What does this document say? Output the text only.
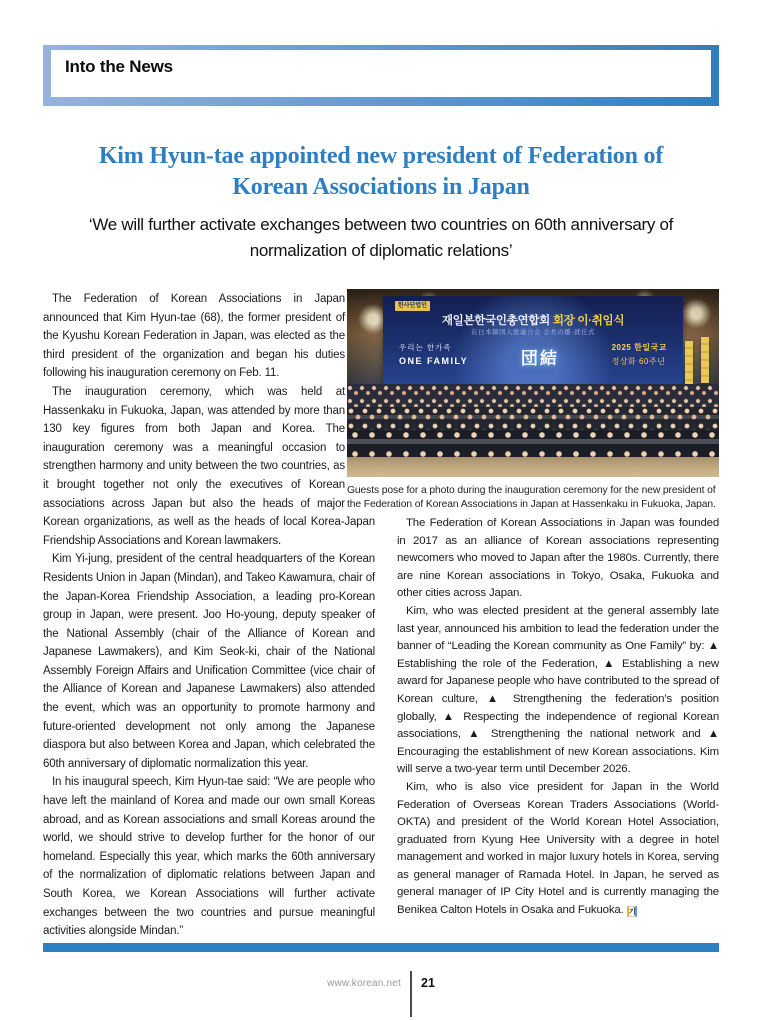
Into the News
Kim Hyun-tae appointed new president of Federation of
Korean Associations in Japan
‘We will further activate exchanges between two countries on 60th anniversary of normalization of diplomatic relations’

The Federation of Korean Associations in Japan announced that Kim Hyun-tae (68), the former president of the Kyushu Korean Federation in Japan, was elected as the third president of the organization and began his duties following his inauguration ceremony on Feb. 11.

The inauguration ceremony, which was held at Hassenkaku in Fukuoka, Japan, was attended by more than 130 key figures from both Japan and Korea. The inauguration ceremony was a meaningful occasion to strengthen harmony and unity between the two countries, as it brought together not only the executives of Korean associations across Japan but also the heads of major Korean organizations, as well as the heads of local Korea-Japan Friendship Associations and Korean lawmakers.

Kim Yi-jung, president of the central headquarters of the Korean Residents Union in Japan (Mindan), and Takeo Kawamura, chair of the Japan-Korea Friendship Association, a leading pro-Korean group in Japan, were present. Joo Ho-young, deputy speaker of the National Assembly (chair of the Alliance of Korean and Japanese Lawmakers), and Kim Seok-ki, chair of the National Assembly Foreign Affairs and Unification Committee (vice chair of the Alliance of Korean and Japanese Lawmakers) also attended the event, which was an opportunity to promote harmony and future-oriented development not only among the Japanese diaspora but also between Korea and Japan, which celebrated the 60th anniversary of diplomatic normalization this year.

In his inaugural speech, Kim Hyun-tae said: “We are people who have left the mainland of Korea and made our own small Koreas abroad, and as Korean associations and small Koreas around the world, we should strive to develop further for the honor of our homeland. Especially this year, which marks the 60th anniversary of the normalization of diplomatic relations between Japan and South Korea, we Korean Associations will further activate exchanges between the two countries and pursue meaningful activities alongside Mindan.”

한사단법인
재일본한국인총연합회 회장 이·취임식
在日本韓国人総連合会 会長の離·就任式
우리는 한가족
ONE FAMILY	団結
2025 한일국교
정상화 60주년
Guests pose for a photo during the inauguration ceremony for the new president of the Federation of Korean Associations in Japan at Hassenkaku in Fukuoka, Japan.

The Federation of Korean Associations in Japan was founded in 2017 as an alliance of Korean associations representing newcomers who moved to Japan after the 1980s. Currently, there are nine Korean associations in Tokyo, Osaka, Fukuoka and other cities across Japan.

Kim, who was elected president at the general assembly late last year, announced his ambition to lead the federation under the banner of “Leading the Korean community as One Family” by: ▲ Establishing the role of the Federation, ▲ Establishing a new award for Japanese people who have contributed to the spread of Korean culture, ▲ Strengthening the federation’s position globally, ▲ Respecting the independence of regional Korean associations, ▲ Strengthening the national network and ▲ Encouraging the establishment of new Korean associations. Kim will serve a two-year term until December 2026.

Kim, who is also vice president for Japan in the World Federation of Overseas Korean Traders Associations (World-OKTA) and president of the World Korean Hotel Association, graduated from Kyung Hee University with a degree in hotel management and worked in major luxury hotels in Korea, serving as general manager of Ramada Hotel. In Japan, he served as general manager of IP City Hotel and is currently managing the Benikea Calton Hotels in Osaka and Fukuoka. 기

www.korean.net 21
